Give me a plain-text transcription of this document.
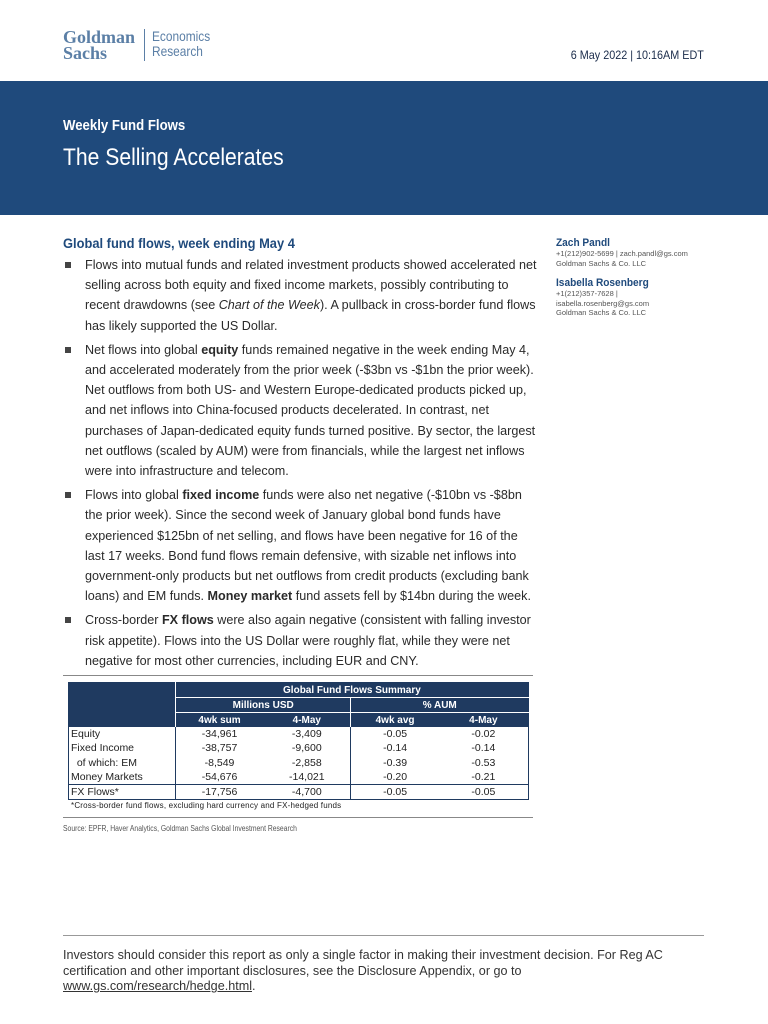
Goldman
Sachs
Economics
Research	6 May 2022 | 10:16AM EDT
Weekly Fund Flows
The Selling Accelerates
Global fund flows, week ending May 4
Flows into mutual funds and related investment products showed accelerated net selling across both equity and fixed income markets, possibly contributing to recent drawdowns (see Chart of the Week). A pullback in cross-border fund flows has likely supported the US Dollar.
Net flows into global equity funds remained negative in the week ending May 4, and accelerated moderately from the prior week (-$3bn vs -$1bn the prior week). Net outflows from both US- and Western Europe-dedicated products picked up, and net inflows into China-focused products decelerated. In contrast, net purchases of Japan-dedicated equity funds turned positive. By sector, the largest net outflows (scaled by AUM) were from financials, while the largest net inflows were into infrastructure and telecom.
Flows into global fixed income funds were also net negative (-$10bn vs -$8bn the prior week). Since the second week of January global bond funds have experienced $125bn of net selling, and flows have been negative for 16 of the last 17 weeks. Bond fund flows remain defensive, with sizable net inflows into government-only products but net outflows from credit products (excluding bank loans) and EM funds. Money market fund assets fell by $14bn during the week.
Cross-border FX flows were also again negative (consistent with falling investor risk appetite). Flows into the US Dollar were roughly flat, while they were net negative for most other currencies, including EUR and CNY.
Zach Pandl
+1(212)902-5699 | zach.pandl@gs.com
Goldman Sachs & Co. LLC
Isabella Rosenberg
+1(212)357-7628 |
isabella.rosenberg@gs.com
Goldman Sachs & Co. LLC
	Global Fund Flows Summary			
	Millions USD		% AUM	
	4wk sum	4-May	4wk avg	4-May
Equity	-34,961	-3,409	-0.05	-0.02
Fixed Income	-38,757	-9,600	-0.14	-0.14
of which: EM	-8,549	-2,858	-0.39	-0.53
Money Markets	-54,676	-14,021	-0.20	-0.21
FX Flows*	-17,756	-4,700	-0.05	-0.05
*Cross-border fund flows, excluding hard currency and FX-hedged funds
Source: EPFR, Haver Analytics, Goldman Sachs Global Investment Research
Investors should consider this report as only a single factor in making their investment decision. For Reg AC certification and other important disclosures, see the Disclosure Appendix, or go to www.gs.com/research/hedge.html.
